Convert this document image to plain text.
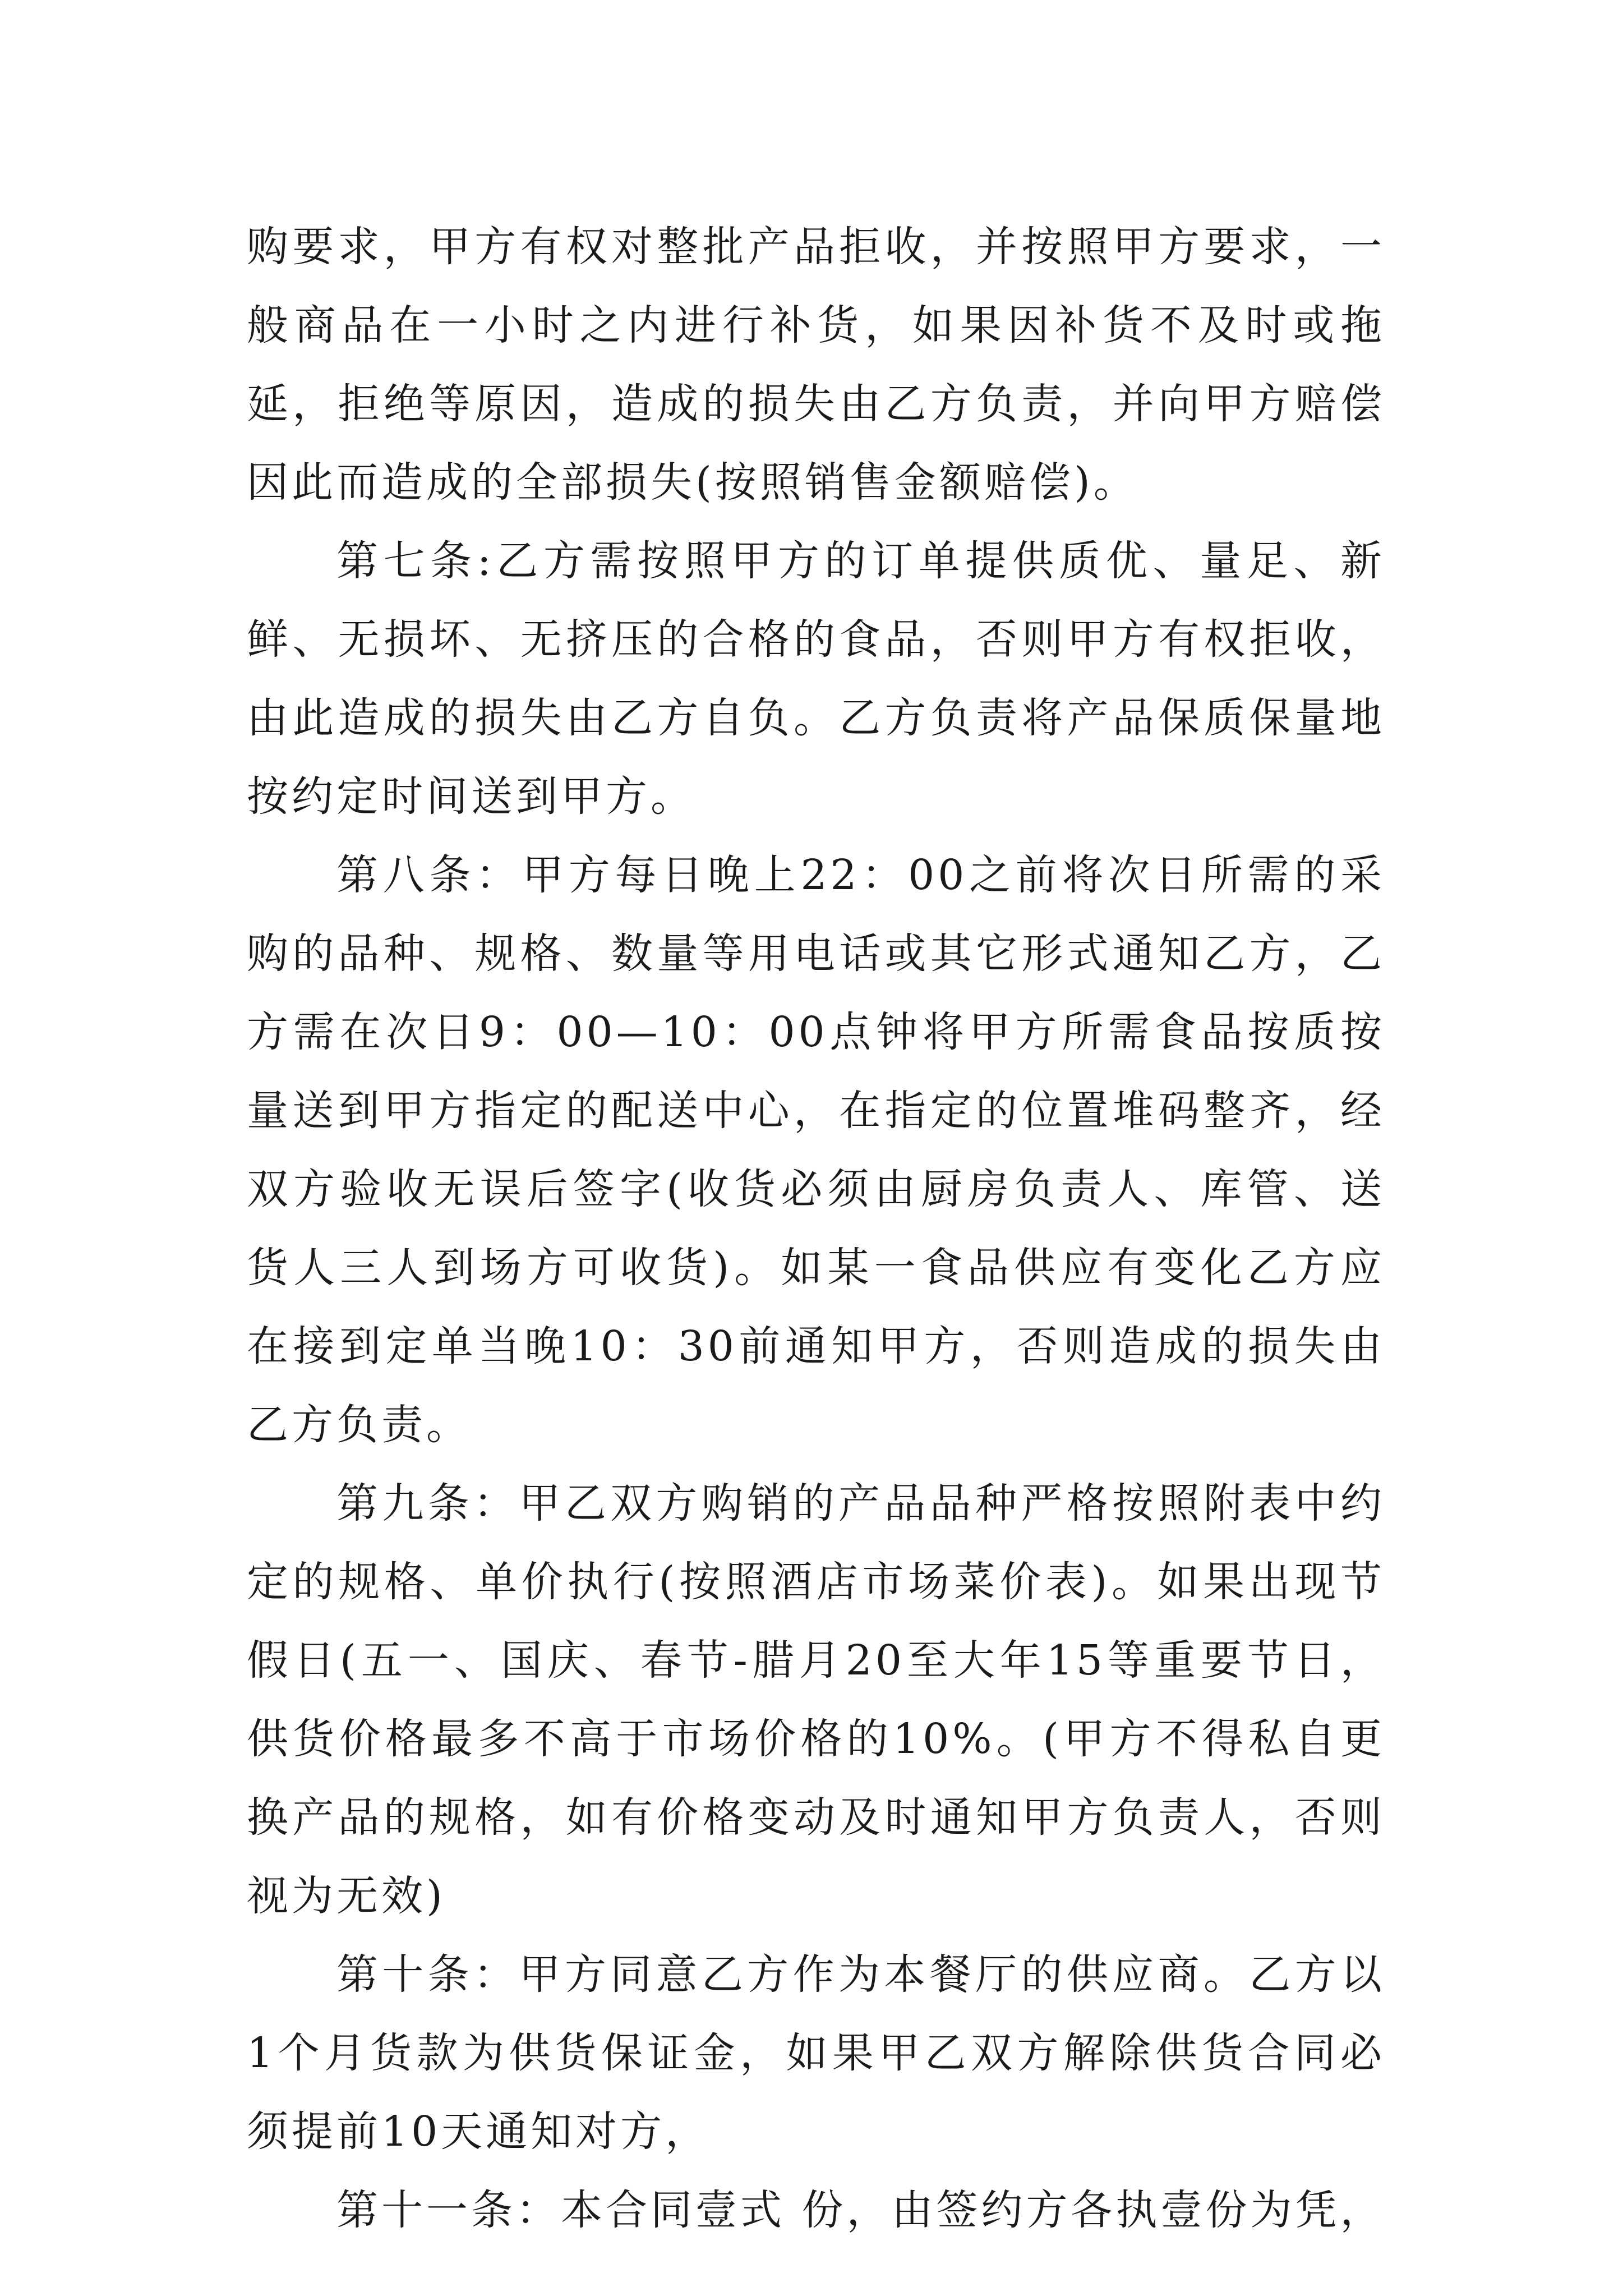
购要求，甲方有权对整批产品拒收，并按照甲方要求，一般商品在一小时之内进行补货，如果因补货不及时或拖延，拒绝等原因，造成的损失由乙方负责，并向甲方赔偿因此而造成的全部损失(按照销售金额赔偿)。

第七条:乙方需按照甲方的订单提供质优、量足、新鲜、无损坏、无挤压的合格的食品，否则甲方有权拒收，由此造成的损失由乙方自负。乙方负责将产品保质保量地按约定时间送到甲方。

第八条：甲方每日晚上22：00之前将次日所需的采购的品种、规格、数量等用电话或其它形式通知乙方，乙方需在次日9：00—10：00点钟将甲方所需食品按质按量送到甲方指定的配送中心，在指定的位置堆码整齐，经双方验收无误后签字(收货必须由厨房负责人、库管、送货人三人到场方可收货)。如某一食品供应有变化乙方应在接到定单当晚10：30前通知甲方，否则造成的损失由乙方负责。

第九条：甲乙双方购销的产品品种严格按照附表中约定的规格、单价执行(按照酒店市场菜价表)。如果出现节假日(五一、国庆、春节-腊月20至大年15等重要节日，供货价格最多不高于市场价格的10%。(甲方不得私自更换产品的规格，如有价格变动及时通知甲方负责人，否则视为无效)

第十条：甲方同意乙方作为本餐厅的供应商。乙方以1个月货款为供货保证金，如果甲乙双方解除供货合同必须提前10天通知对方，

第十一条：本合同壹式 份，由签约方各执壹份为凭，
